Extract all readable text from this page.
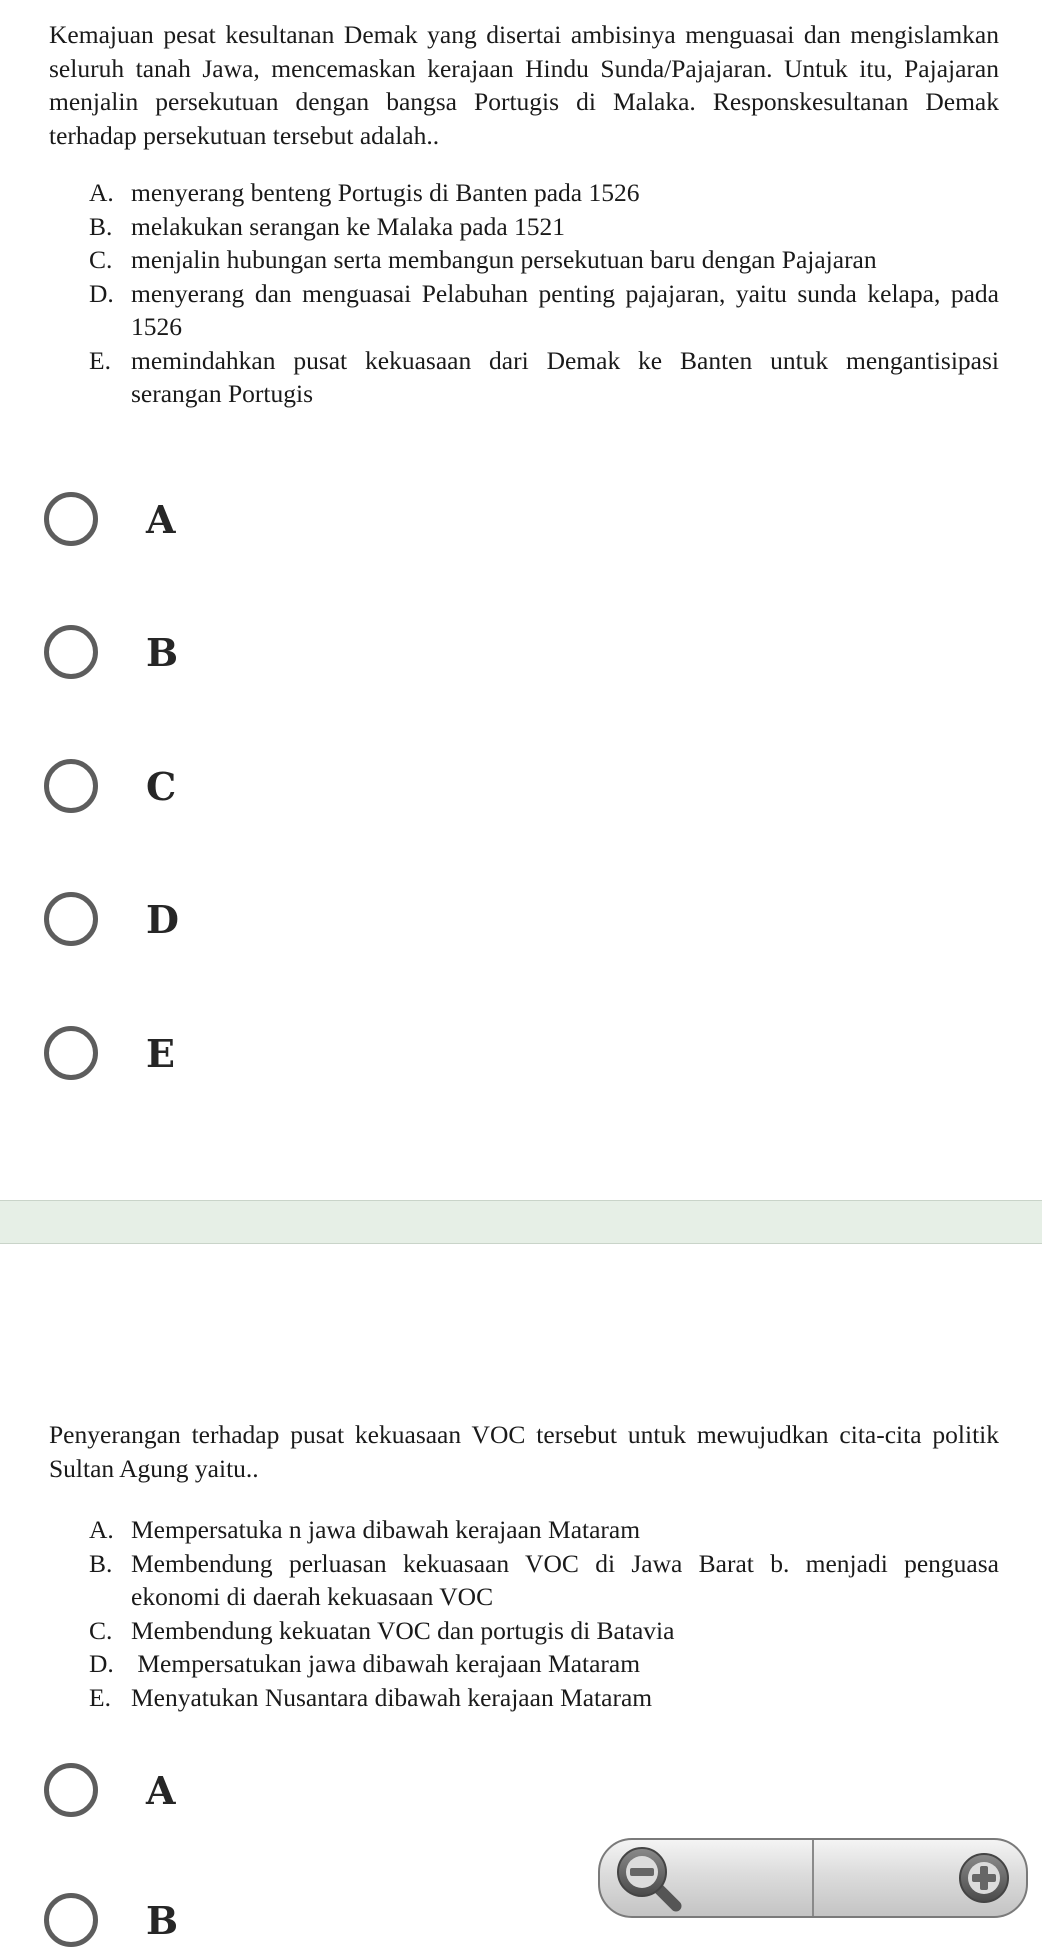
Kemajuan pesat kesultanan Demak yang disertai ambisinya menguasai dan mengislamkan seluruh tanah Jawa, mencemaskan kerajaan Hindu Sunda/Pajajaran. Untuk itu, Pajajaran menjalin persekutuan dengan bangsa Portugis di Malaka. Responskesultanan Demak terhadap persekutuan tersebut adalah..

A. menyerang benteng Portugis di Banten pada 1526
B. melakukan serangan ke Malaka pada 1521
C. menjalin hubungan serta membangun persekutuan baru dengan Pajajaran
D. menyerang dan menguasai Pelabuhan penting pajajaran, yaitu sunda kelapa, pada 1526
E. memindahkan pusat kekuasaan dari Demak ke Banten untuk mengantisipasi serangan Portugis
A
B
C
D
E

Penyerangan terhadap pusat kekuasaan VOC tersebut untuk mewujudkan cita-cita politik Sultan Agung yaitu..

A. Mempersatuka n jawa dibawah kerajaan Mataram
B. Membendung perluasan kekuasaan VOC di Jawa Barat b. menjadi penguasa ekonomi di daerah kekuasaan VOC
C. Membendung kekuatan VOC dan portugis di Batavia
D. Mempersatukan jawa dibawah kerajaan Mataram
E. Menyatukan Nusantara dibawah kerajaan Mataram
A
B
